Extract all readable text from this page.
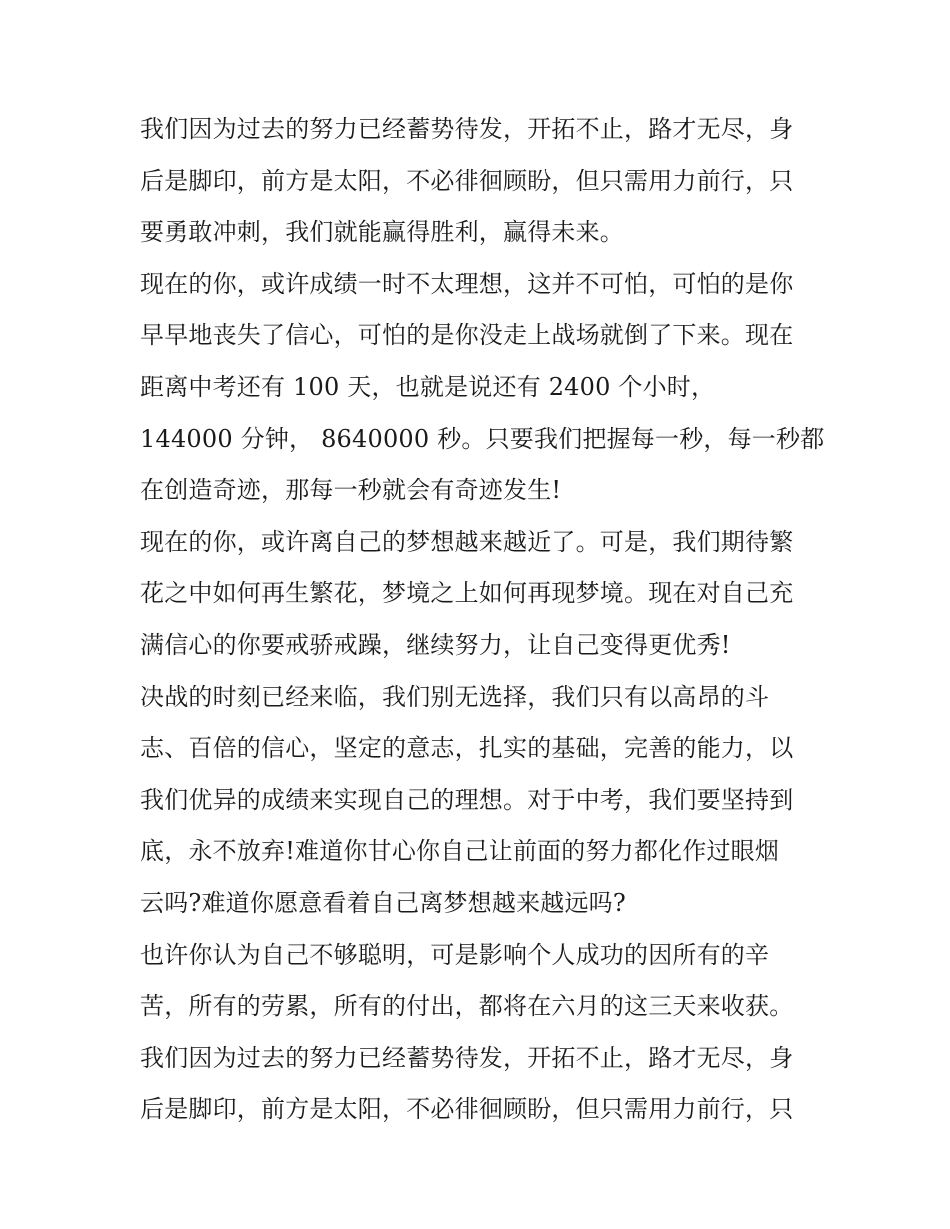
我们因为过去的努力已经蓄势待发，开拓不止，路才无尽，身
后是脚印，前方是太阳，不必徘徊顾盼，但只需用力前行，只
要勇敢冲刺，我们就能赢得胜利，赢得未来。
现在的你，或许成绩一时不太理想，这并不可怕，可怕的是你
早早地丧失了信心，可怕的是你没走上战场就倒了下来。现在
距离中考还有 100 天，也就是说还有 2400 个小时，
144000 分钟， 8640000 秒。只要我们把握每一秒，每一秒都
在创造奇迹，那每一秒就会有奇迹发生!
现在的你，或许离自己的梦想越来越近了。可是，我们期待繁
花之中如何再生繁花，梦境之上如何再现梦境。现在对自己充
满信心的你要戒骄戒躁，继续努力，让自己变得更优秀!
决战的时刻已经来临，我们别无选择，我们只有以高昂的斗
志、百倍的信心，坚定的意志，扎实的基础，完善的能力，以
我们优异的成绩来实现自己的理想。对于中考，我们要坚持到
底，永不放弃!难道你甘心你自己让前面的努力都化作过眼烟
云吗?难道你愿意看着自己离梦想越来越远吗?
也许你认为自己不够聪明，可是影响个人成功的因所有的辛
苦，所有的劳累，所有的付出，都将在六月的这三天来收获。
我们因为过去的努力已经蓄势待发，开拓不止，路才无尽，身
后是脚印，前方是太阳，不必徘徊顾盼，但只需用力前行，只
